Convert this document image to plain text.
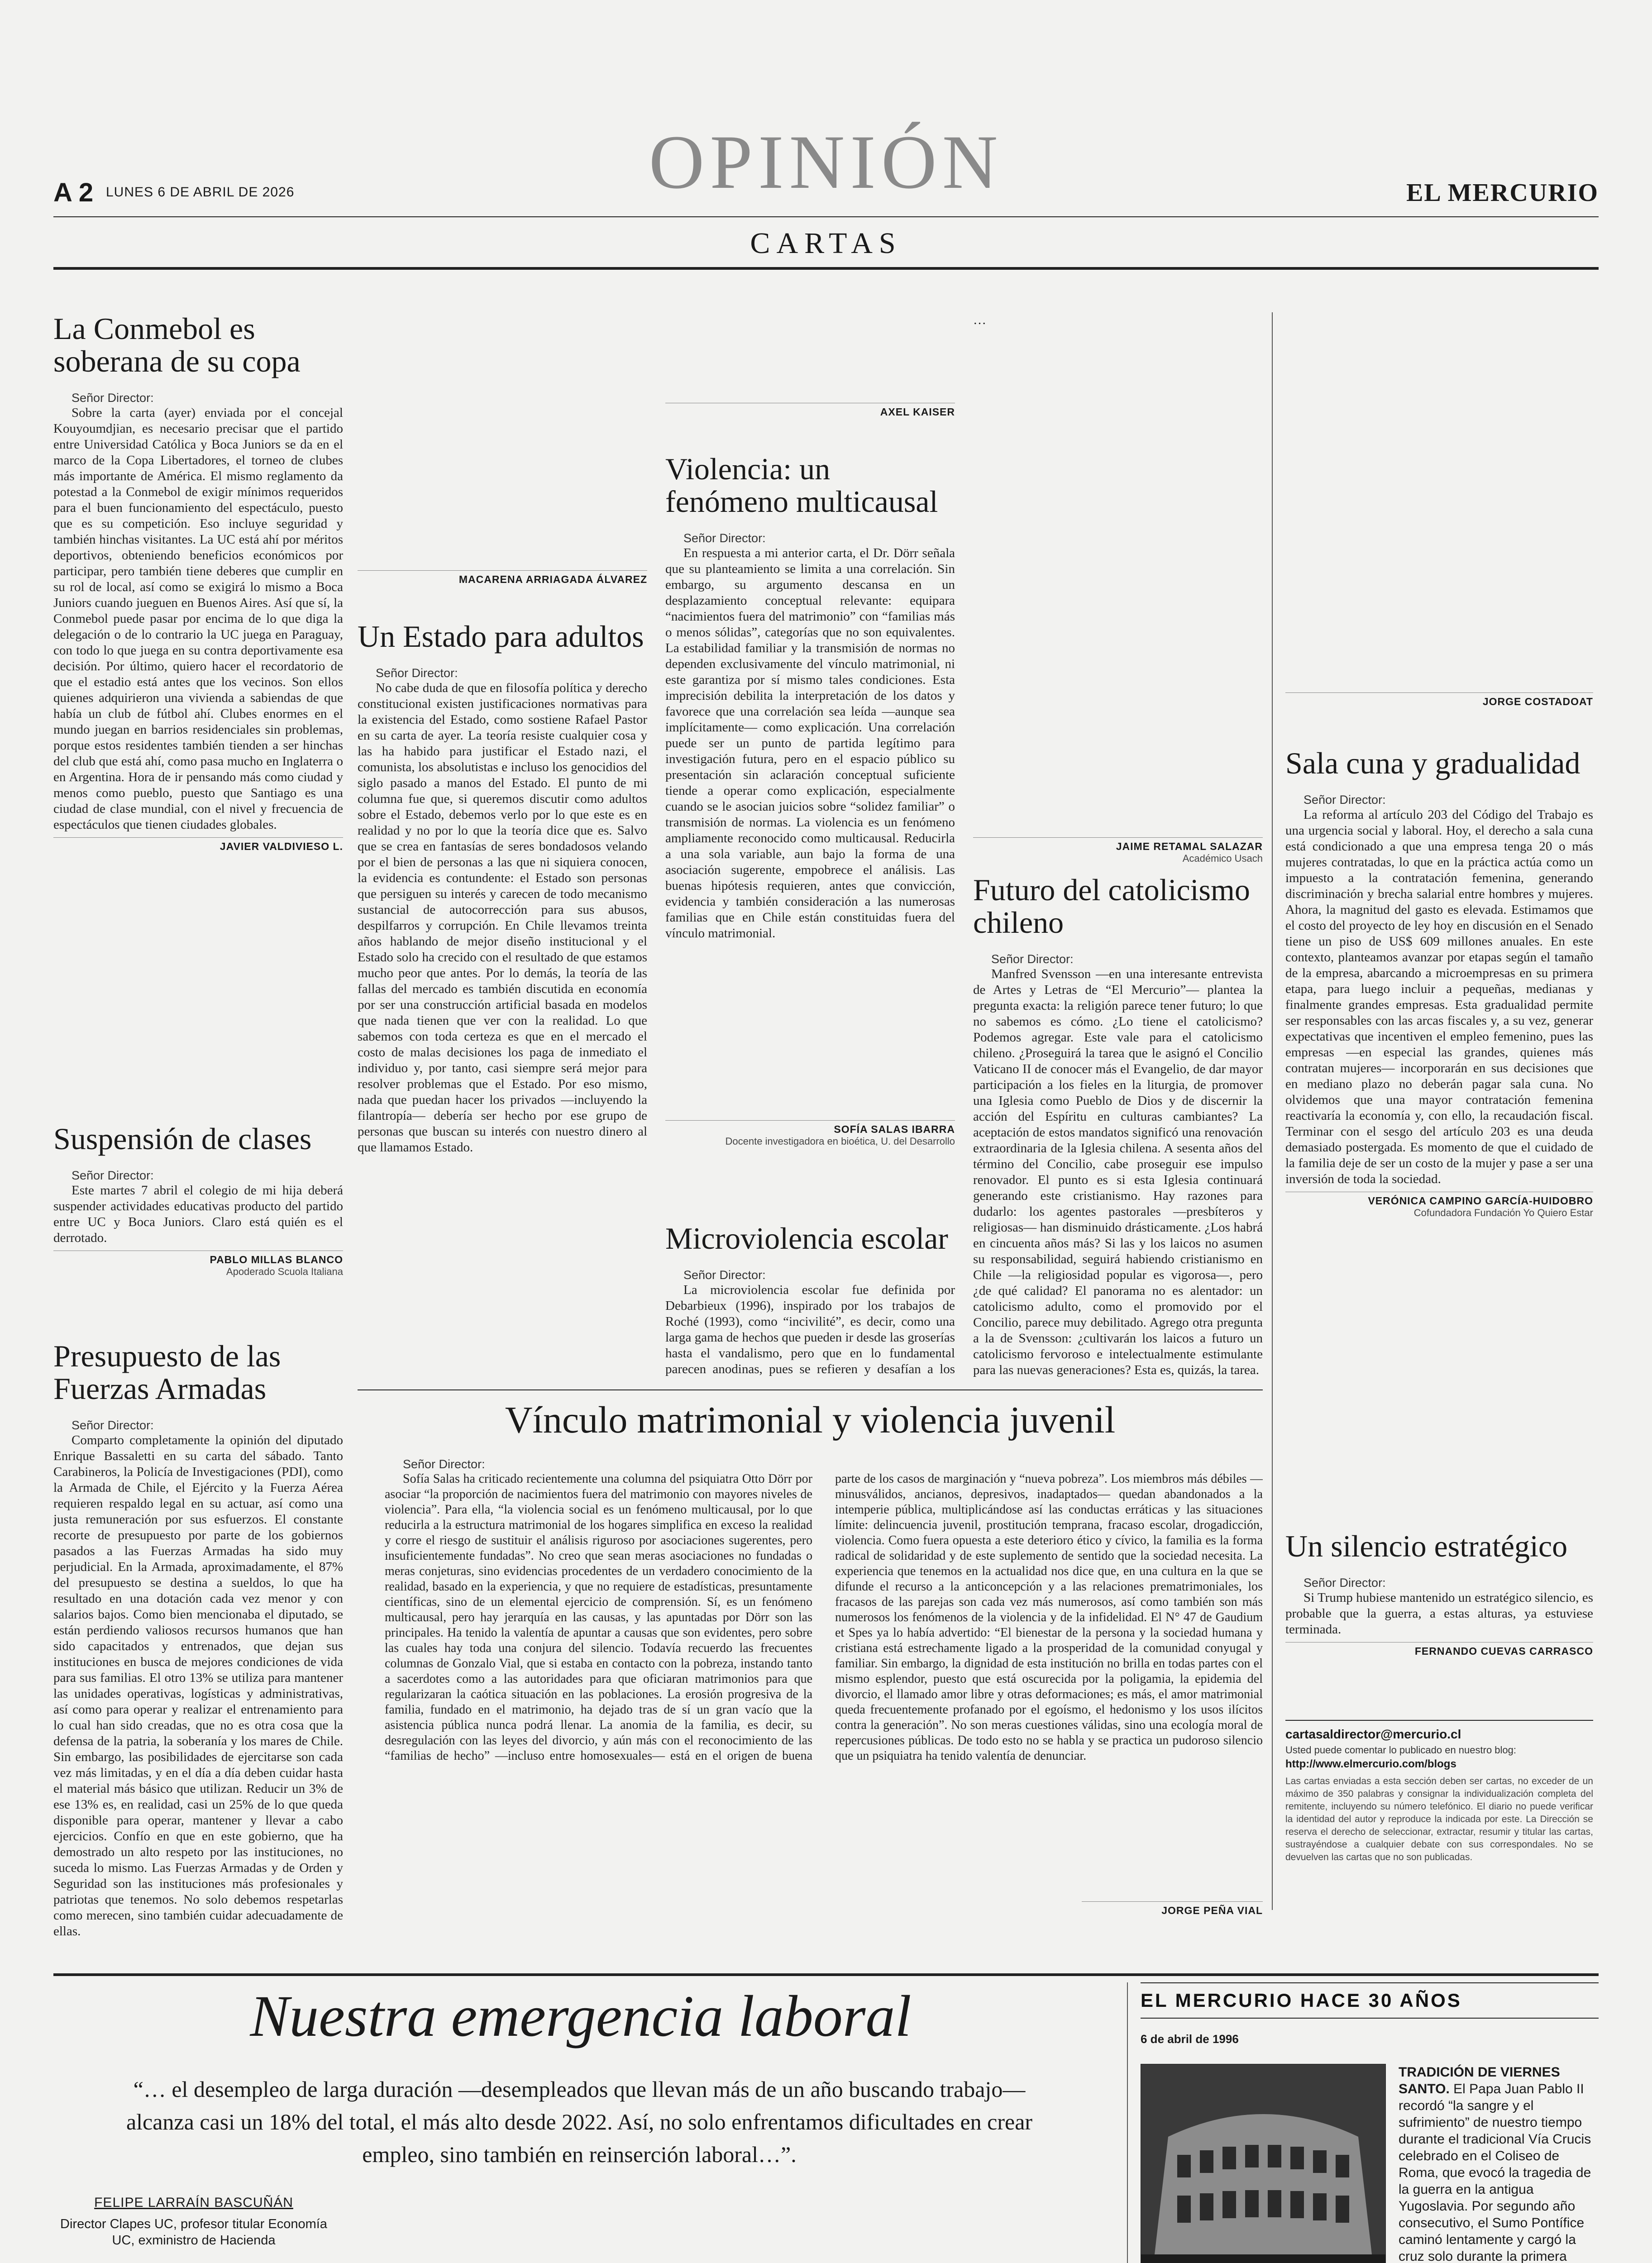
A 2 LUNES 6 DE ABRIL DE 2026	OPINIÓN	EL MERCURIO
CARTAS
La Conmebol es soberana de su copa
Señor Director:

Sobre la carta (ayer) enviada por el concejal Kouyoumdjian, es necesario precisar que el partido entre Universidad Católica y Boca Juniors se da en el marco de la Copa Libertadores, el torneo de clubes más importante de América. El mismo reglamento da potestad a la Conmebol de exigir mínimos requeridos para el buen funcionamiento del espectáculo, puesto que es su competición. Eso incluye seguridad y también hinchas visitantes. La UC está ahí por méritos deportivos, obteniendo beneficios económicos por participar, pero también tiene deberes que cumplir en su rol de local, así como se exigirá lo mismo a Boca Juniors cuando jueguen en Buenos Aires. Así que sí, la Conmebol puede pasar por encima de lo que diga la delegación o de lo contrario la UC juega en Paraguay, con todo lo que juega en su contra deportivamente esa decisión. Por último, quiero hacer el recordatorio de que el estadio está antes que los vecinos. Son ellos quienes adquirieron una vivienda a sabiendas de que había un club de fútbol ahí. Clubes enormes en el mundo juegan en barrios residenciales sin problemas, porque estos residentes también tienden a ser hinchas del club que está ahí, como pasa mucho en Inglaterra o en Argentina. Hora de ir pensando más como ciudad y menos como pueblo, puesto que Santiago es una ciudad de clase mundial, con el nivel y frecuencia de espectáculos que tienen ciudades globales.

JAVIER VALDIVIESO L.
Suspensión de clases
Señor Director:

Este martes 7 abril el colegio de mi hija deberá suspender actividades educativas producto del partido entre UC y Boca Juniors. Claro está quién es el derrotado.

PABLO MILLAS BLANCO
Apoderado Scuola Italiana
Presupuesto de las Fuerzas Armadas
Señor Director:

Comparto completamente la opinión del diputado Enrique Bassaletti en su carta del sábado. Tanto Carabineros, la Policía de Investigaciones (PDI), como la Armada de Chile, el Ejército y la Fuerza Aérea requieren respaldo legal en su actuar, así como una justa remuneración por sus esfuerzos. El constante recorte de presupuesto por parte de los gobiernos pasados a las Fuerzas Armadas ha sido muy perjudicial. En la Armada, aproximadamente, el 87% del presupuesto se destina a sueldos, lo que ha resultado en una dotación cada vez menor y con salarios bajos. Como bien mencionaba el diputado, se están perdiendo valiosos recursos humanos que han sido capacitados y entrenados, que dejan sus instituciones en busca de mejores condiciones de vida para sus familias. El otro 13% se utiliza para mantener las unidades operativas, logísticas y administrativas, así como para operar y realizar el entrenamiento para lo cual han sido creadas, que no es otra cosa que la defensa de la patria, la soberanía y los mares de Chile. Sin embargo, las posibilidades de ejercitarse son cada vez más limitadas, y en el día a día deben cuidar hasta el material más básico que utilizan. Reducir un 3% de ese 13% es, en realidad, casi un 25% de lo que queda disponible para operar, mantener y llevar a cabo ejercicios. Confío en que en este gobierno, que ha demostrado un alto respeto por las instituciones, no suceda lo mismo. Las Fuerzas Armadas y de Orden y Seguridad son las instituciones más profesionales y patriotas que tenemos. No solo debemos respetarlas como merecen, sino también cuidar adecuadamente de ellas.

MACARENA ARRIAGADA ÁLVAREZ
Un Estado para adultos
Señor Director:

No cabe duda de que en filosofía política y derecho constitucional existen justificaciones normativas para la existencia del Estado, como sostiene Rafael Pastor en su carta de ayer. La teoría resiste cualquier cosa y las ha habido para justificar el Estado nazi, el comunista, los absolutistas e incluso los genocidios del siglo pasado a manos del Estado. El punto de mi columna fue que, si queremos discutir como adultos sobre el Estado, debemos verlo por lo que este es en realidad y no por lo que la teoría dice que es. Salvo que se crea en fantasías de seres bondadosos velando por el bien de personas a las que ni siquiera conocen, la evidencia es contundente: el Estado son personas que persiguen su interés y carecen de todo mecanismo sustancial de autocorrección para sus abusos, despilfarros y corrupción. En Chile llevamos treinta años hablando de mejor diseño institucional y el Estado solo ha crecido con el resultado de que estamos mucho peor que antes. Por lo demás, la teoría de las fallas del mercado es también discutida en economía por ser una construcción artificial basada en modelos que nada tienen que ver con la realidad. Lo que sabemos con toda certeza es que en el mercado el costo de malas decisiones los paga de inmediato el individuo y, por tanto, casi siempre será mejor para resolver problemas que el Estado. Por eso mismo, nada que puedan hacer los privados —incluyendo la filantropía— debería ser hecho por ese grupo de personas que buscan su interés con nuestro dinero al que llamamos Estado.

AXEL KAISER
Violencia: un fenómeno multicausal
Señor Director:

En respuesta a mi anterior carta, el Dr. Dörr señala que su planteamiento se limita a una correlación. Sin embargo, su argumento descansa en un desplazamiento conceptual relevante: equipara “nacimientos fuera del matrimonio” con “familias más o menos sólidas”, categorías que no son equivalentes. La estabilidad familiar y la transmisión de normas no dependen exclusivamente del vínculo matrimonial, ni este garantiza por sí mismo tales condiciones. Esta imprecisión debilita la interpretación de los datos y favorece que una correlación sea leída —aunque sea implícitamente— como explicación. Una correlación puede ser un punto de partida legítimo para investigación futura, pero en el espacio público su presentación sin aclaración conceptual suficiente tiende a operar como explicación, especialmente cuando se le asocian juicios sobre “solidez familiar” o transmisión de normas. La violencia es un fenómeno ampliamente reconocido como multicausal. Reducirla a una sola variable, aun bajo la forma de una asociación sugerente, empobrece el análisis. Las buenas hipótesis requieren, antes que convicción, evidencia y también consideración a las numerosas familias que en Chile están constituidas fuera del vínculo matrimonial.

SOFÍA SALAS IBARRA
Docente investigadora en bioética, U. del Desarrollo
Microviolencia escolar
Señor Director:

La microviolencia escolar fue definida por Debarbieux (1996), inspirado por los trabajos de Roché (1993), como “incivilité”, es decir, como una larga gama de hechos que pueden ir desde las groserías hasta el vandalismo, pero que en lo fundamental parecen anodinas, pues se refieren y desafían a los

…

JAIME RETAMAL SALAZAR
Académico Usach
Futuro del catolicismo chileno
Señor Director:

Manfred Svensson —en una interesante entrevista de Artes y Letras de “El Mercurio”— plantea la pregunta exacta: la religión parece tener futuro; lo que no sabemos es cómo. ¿Lo tiene el catolicismo? Podemos agregar. Este vale para el catolicismo chileno. ¿Proseguirá la tarea que le asignó el Concilio Vaticano II de conocer más el Evangelio, de dar mayor participación a los fieles en la liturgia, de promover una Iglesia como Pueblo de Dios y de discernir la acción del Espíritu en culturas cambiantes? La aceptación de estos mandatos significó una renovación extraordinaria de la Iglesia chilena. A sesenta años del término del Concilio, cabe proseguir ese impulso renovador. El punto es si esta Iglesia continuará generando este cristianismo. Hay razones para dudarlo: los agentes pastorales —presbíteros y religiosas— han disminuido drásticamente. ¿Los habrá en cincuenta años más? Si las y los laicos no asumen su responsabilidad, seguirá habiendo cristianismo en Chile —la religiosidad popular es vigorosa—, pero ¿de qué calidad? El panorama no es alentador: un catolicismo adulto, como el promovido por el Concilio, parece muy debilitado. Agrego otra pregunta a la de Svensson: ¿cultivarán los laicos a futuro un catolicismo fervoroso e intelectualmente estimulante para las nuevas generaciones? Esta es, quizás, la tarea.

JORGE COSTADOAT
Sala cuna y gradualidad
Señor Director:

La reforma al artículo 203 del Código del Trabajo es una urgencia social y laboral. Hoy, el derecho a sala cuna está condicionado a que una empresa tenga 20 o más mujeres contratadas, lo que en la práctica actúa como un impuesto a la contratación femenina, generando discriminación y brecha salarial entre hombres y mujeres. Ahora, la magnitud del gasto es elevada. Estimamos que el costo del proyecto de ley hoy en discusión en el Senado tiene un piso de US$ 609 millones anuales. En este contexto, planteamos avanzar por etapas según el tamaño de la empresa, abarcando a microempresas en su primera etapa, para luego incluir a pequeñas, medianas y finalmente grandes empresas. Esta gradualidad permite ser responsables con las arcas fiscales y, a su vez, generar expectativas que incentiven el empleo femenino, pues las empresas —en especial las grandes, quienes más contratan mujeres— incorporarán en sus decisiones que en mediano plazo no deberán pagar sala cuna. No olvidemos que una mayor contratación femenina reactivaría la economía y, con ello, la recaudación fiscal. Terminar con el sesgo del artículo 203 es una deuda demasiado postergada. Es momento de que el cuidado de la familia deje de ser un costo de la mujer y pase a ser una inversión de toda la sociedad.

VERÓNICA CAMPINO GARCÍA-HUIDOBRO
Cofundadora Fundación Yo Quiero Estar
Un silencio estratégico
Señor Director:

Si Trump hubiese mantenido un estratégico silencio, es probable que la guerra, a estas alturas, ya estuviese terminada.

FERNANDO CUEVAS CARRASCO
cartasaldirector@mercurio.cl
Usted puede comentar lo publicado en nuestro blog:
http://www.elmercurio.com/blogs
Las cartas enviadas a esta sección deben ser cartas, no exceder de un máximo de 350 palabras y consignar la individualización completa del remitente, incluyendo su número telefónico. El diario no puede verificar la identidad del autor y reproduce la indicada por este. La Dirección se reserva el derecho de seleccionar, extractar, resumir y titular las cartas, sustrayéndose a cualquier debate con sus correspondales. No se devuelven las cartas que no son publicadas.
Vínculo matrimonial y violencia juvenil
Señor Director:

Sofía Salas ha criticado recientemente una columna del psiquiatra Otto Dörr por asociar “la proporción de nacimientos fuera del matrimonio con mayores niveles de violencia”. Para ella, “la violencia social es un fenómeno multicausal, por lo que reducirla a la estructura matrimonial de los hogares simplifica en exceso la realidad y corre el riesgo de sustituir el análisis riguroso por asociaciones sugerentes, pero insuficientemente fundadas”. No creo que sean meras asociaciones no fundadas o meras conjeturas, sino evidencias procedentes de un verdadero conocimiento de la realidad, basado en la experiencia, y que no requiere de estadísticas, presuntamente científicas, sino de un elemental ejercicio de comprensión. Sí, es un fenómeno multicausal, pero hay jerarquía en las causas, y las apuntadas por Dörr son las principales. Ha tenido la valentía de apuntar a causas que son evidentes, pero sobre las cuales hay toda una conjura del silencio. Todavía recuerdo las frecuentes columnas de Gonzalo Vial, que si estaba en contacto con la pobreza, instando tanto a sacerdotes como a las autoridades para que oficiaran matrimonios para que regularizaran la caótica situación en las poblaciones. La erosión progresiva de la familia, fundado en el matrimonio, ha dejado tras de sí un gran vacío que la asistencia pública nunca podrá llenar. La anomia de la familia, es decir, su desregulación con las leyes del divorcio, y aún más con el reconocimiento de las “familias de hecho” —incluso entre homosexuales— está en el origen de buena parte de los casos de marginación y “nueva pobreza”. Los miembros más débiles —minusválidos, ancianos, depresivos, inadaptados— quedan abandonados a la intemperie pública, multiplicándose así las conductas erráticas y las situaciones límite: delincuencia juvenil, prostitución temprana, fracaso escolar, drogadicción, violencia. Como fuera opuesta a este deterioro ético y cívico, la familia es la forma radical de solidaridad y de este suplemento de sentido que la sociedad necesita. La experiencia que tenemos en la actualidad nos dice que, en una cultura en la que se difunde el recurso a la anticoncepción y a las relaciones prematrimoniales, los fracasos de las parejas son cada vez más numerosos, así como también son más numerosos los fenómenos de la violencia y de la infidelidad. El N° 47 de Gaudium et Spes ya lo había advertido: “El bienestar de la persona y la sociedad humana y cristiana está estrechamente ligado a la prosperidad de la comunidad conyugal y familiar. Sin embargo, la dignidad de esta institución no brilla en todas partes con el mismo esplendor, puesto que está oscurecida por la poligamia, la epidemia del divorcio, el llamado amor libre y otras deformaciones; es más, el amor matrimonial queda frecuentemente profanado por el egoísmo, el hedonismo y los usos ilícitos contra la generación”. No son meras cuestiones válidas, sino una ecología moral de repercusiones públicas. De todo esto no se habla y se practica un pudoroso silencio que un psiquiatra ha tenido valentía de denunciar.

JORGE PEÑA VIAL
Nuestra emergencia laboral
“… el desempleo de larga duración —desempleados que llevan más de un año buscando trabajo— alcanza casi un 18% del total, el más alto desde 2022. Así, no solo enfrentamos dificultades en crear empleo, sino también en reinserción laboral…”.
FELIPE LARRAÍN BASCUÑÁN
Director Clapes UC, profesor titular Economía UC, exministro de Hacienda

EL MERCURIO HACE 30 AÑOS
6 de abril de 1996

TRADICIÓN DE VIERNES SANTO. El Papa Juan Pablo II recordó “la sangre y el sufrimiento” de nuestro tiempo durante el tradicional Vía Crucis celebrado en el Coliseo de Roma, que evocó la tragedia de la guerra en la antigua Yugoslavia. Por segundo año consecutivo, el Sumo Pontífice caminó lentamente y cargó la cruz solo durante la primera
